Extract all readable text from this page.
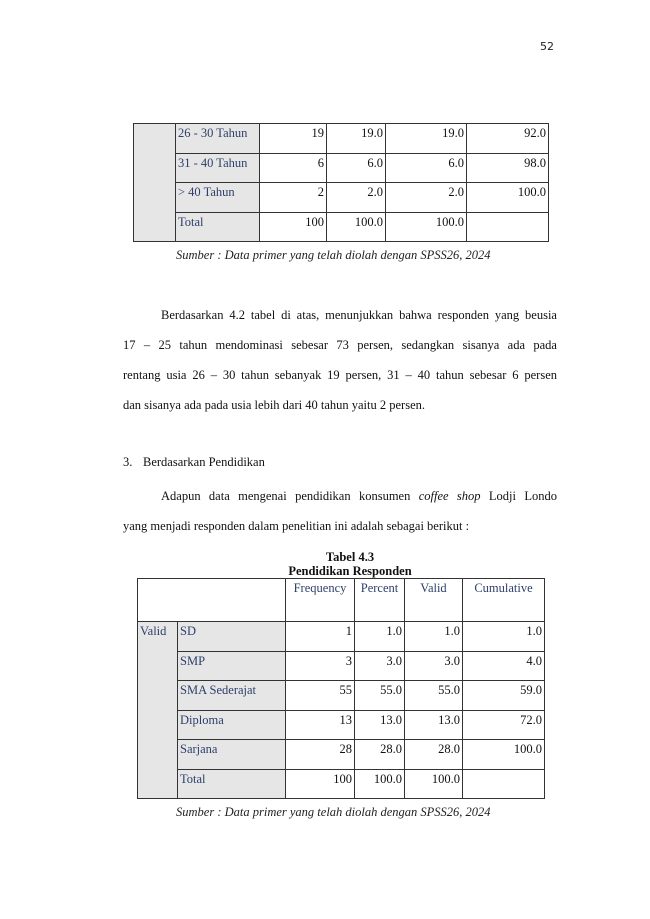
52
	26 - 30 Tahun	19	19.0	19.0	92.0
	31 - 40 Tahun	6	6.0	6.0	98.0
	> 40 Tahun	2	2.0	2.0	100.0
	Total	100	100.0	100.0	
Sumber : Data primer yang telah diolah dengan SPSS26, 2024
Berdasarkan 4.2 tabel di atas, menunjukkan bahwa responden yang beusia
17 – 25 tahun mendominasi sebesar 73 persen, sedangkan sisanya ada pada
rentang usia 26 – 30 tahun sebanyak 19 persen, 31 – 40 tahun sebesar 6 persen
dan sisanya ada pada usia lebih dari 40 tahun yaitu 2 persen.
3. Berdasarkan Pendidikan
Adapun data mengenai pendidikan konsumen coffee shop Lodji Londo
yang menjadi responden dalam penelitian ini adalah sebagai berikut :
Tabel 4.3
Pendidikan Responden
		Frequency	Percent	Valid	Cumulative
Valid	SD	1	1.0	1.0	1.0
	SMP	3	3.0	3.0	4.0
	SMA Sederajat	55	55.0	55.0	59.0
	Diploma	13	13.0	13.0	72.0
	Sarjana	28	28.0	28.0	100.0
	Total	100	100.0	100.0	
Sumber : Data primer yang telah diolah dengan SPSS26, 2024
